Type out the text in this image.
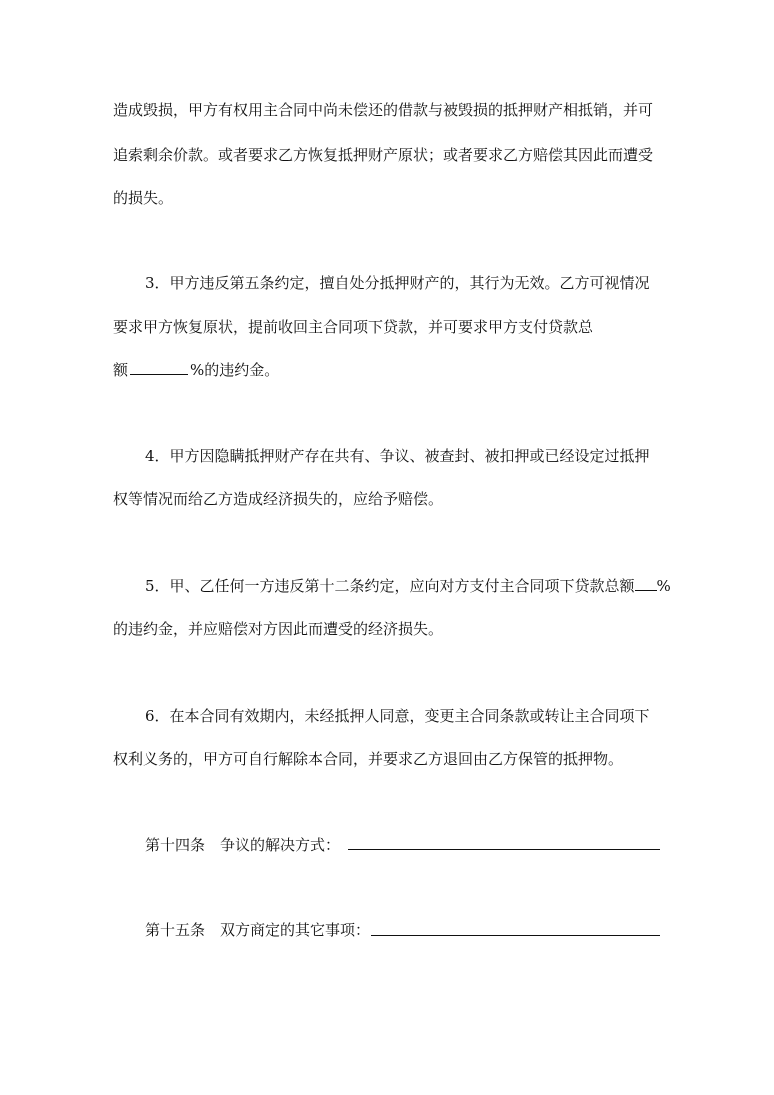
造成毁损，甲方有权用主合同中尚未偿还的借款与被毁损的抵押财产相抵销，并可
追索剩余价款。或者要求乙方恢复抵押财产原状；或者要求乙方赔偿其因此而遭受
的损失。
3．甲方违反第五条约定，擅自处分抵押财产的，其行为无效。乙方可视情况
要求甲方恢复原状，提前收回主合同项下贷款，并可要求甲方支付贷款总
额	%的违约金。
4．甲方因隐瞒抵押财产存在共有、争议、被查封、被扣押或已经设定过抵押
权等情况而给乙方造成经济损失的，应给予赔偿。
5．甲、乙任何一方违反第十二条约定，应向对方支付主合同项下贷款总额 %
的违约金，并应赔偿对方因此而遭受的经济损失。
6．在本合同有效期内，未经抵押人同意，变更主合同条款或转让主合同项下
权利义务的，甲方可自行解除本合同，并要求乙方退回由乙方保管的抵押物。
第十四条　争议的解决方式：
第十五条　双方商定的其它事项：
